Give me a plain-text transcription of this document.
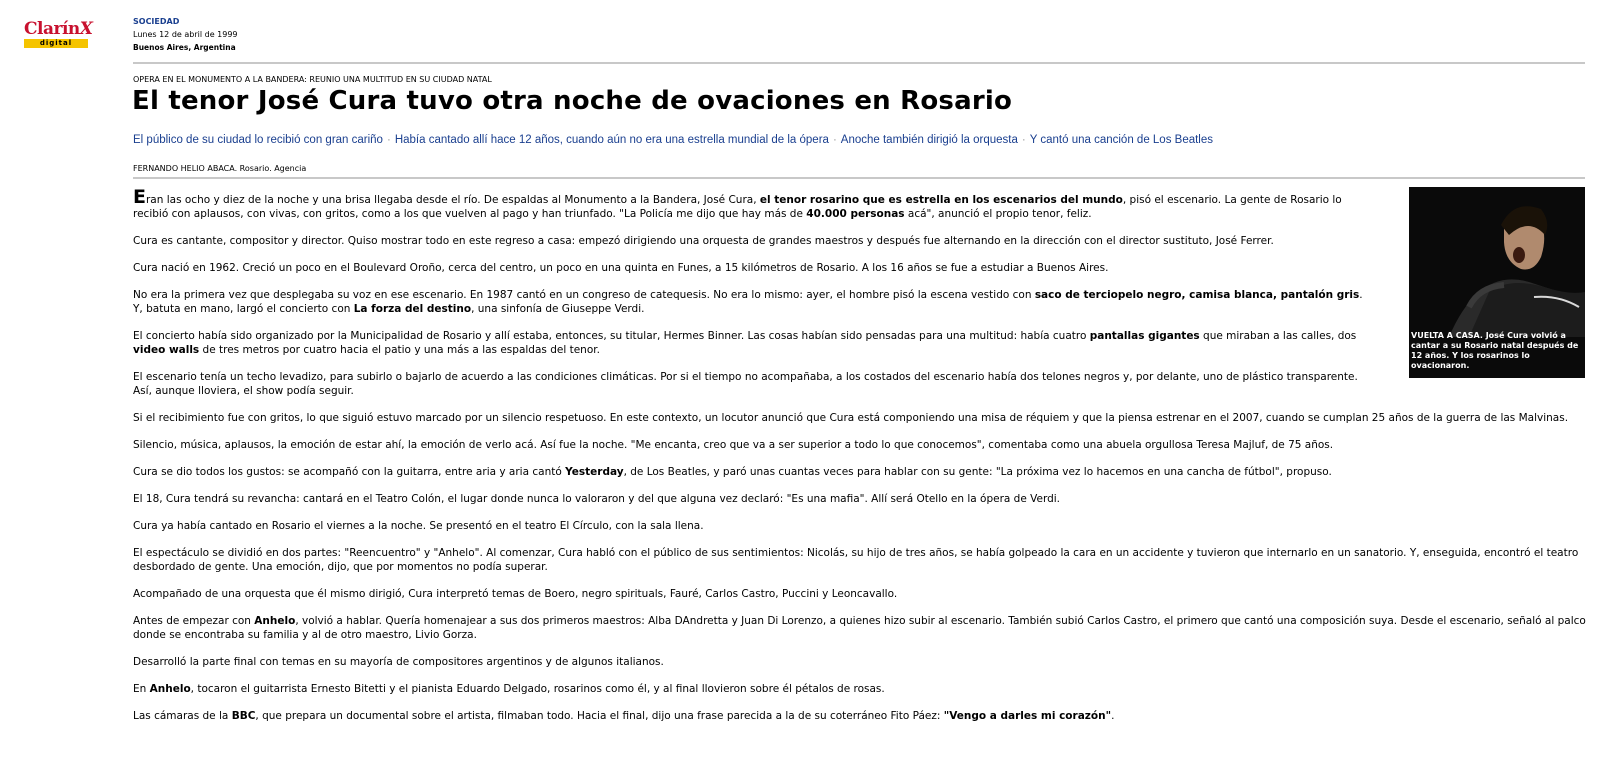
ClarínX
digital
SOCIEDAD
Lunes 12 de abril de 1999
Buenos Aires, Argentina
OPERA EN EL MONUMENTO A LA BANDERA: REUNIO UNA MULTITUD EN SU CIUDAD NATAL
El tenor José Cura tuvo otra noche de ovaciones en Rosario
El público de su ciudad lo recibió con gran cariño · Había cantado allí hace 12 años, cuando aún no era una estrella mundial de la ópera · Anoche también dirigió la orquesta · Y cantó una canción de Los Beatles
FERNANDO HELIO ABACA. Rosario. Agencia
VUELTA A CASA. José Cura volvió a cantar a su Rosario natal después de 12 años. Y los rosarinos lo ovacionaron.

Eran las ocho y diez de la noche y una brisa llegaba desde el río. De espaldas al Monumento a la Bandera, José Cura, el tenor rosarino que es estrella en los escenarios del mundo, pisó el escenario. La gente de Rosario lo recibió con aplausos, con vivas, con gritos, como a los que vuelven al pago y han triunfado. "La Policía me dijo que hay más de 40.000 personas acá", anunció el propio tenor, feliz.

Cura es cantante, compositor y director. Quiso mostrar todo en este regreso a casa: empezó dirigiendo una orquesta de grandes maestros y después fue alternando en la dirección con el director sustituto, José Ferrer.

Cura nació en 1962. Creció un poco en el Boulevard Oroño, cerca del centro, un poco en una quinta en Funes, a 15 kilómetros de Rosario. A los 16 años se fue a estudiar a Buenos Aires.

No era la primera vez que desplegaba su voz en ese escenario. En 1987 cantó en un congreso de catequesis. No era lo mismo: ayer, el hombre pisó la escena vestido con saco de terciopelo negro, camisa blanca, pantalón gris. Y, batuta en mano, largó el concierto con La forza del destino, una sinfonía de Giuseppe Verdi.

El concierto había sido organizado por la Municipalidad de Rosario y allí estaba, entonces, su titular, Hermes Binner. Las cosas habían sido pensadas para una multitud: había cuatro pantallas gigantes que miraban a las calles, dos video walls de tres metros por cuatro hacia el patio y una más a las espaldas del tenor.

El escenario tenía un techo levadizo, para subirlo o bajarlo de acuerdo a las condiciones climáticas. Por si el tiempo no acompañaba, a los costados del escenario había dos telones negros y, por delante, uno de plástico transparente. Así, aunque lloviera, el show podía seguir.

Si el recibimiento fue con gritos, lo que siguió estuvo marcado por un silencio respetuoso. En este contexto, un locutor anunció que Cura está componiendo una misa de réquiem y que la piensa estrenar en el 2007, cuando se cumplan 25 años de la guerra de las Malvinas.

Silencio, música, aplausos, la emoción de estar ahí, la emoción de verlo acá. Así fue la noche. "Me encanta, creo que va a ser superior a todo lo que conocemos", comentaba como una abuela orgullosa Teresa Majluf, de 75 años.

Cura se dio todos los gustos: se acompañó con la guitarra, entre aria y aria cantó Yesterday, de Los Beatles, y paró unas cuantas veces para hablar con su gente: "La próxima vez lo hacemos en una cancha de fútbol", propuso.

El 18, Cura tendrá su revancha: cantará en el Teatro Colón, el lugar donde nunca lo valoraron y del que alguna vez declaró: "Es una mafia". Allí será Otello en la ópera de Verdi.

Cura ya había cantado en Rosario el viernes a la noche. Se presentó en el teatro El Círculo, con la sala llena.

El espectáculo se dividió en dos partes: "Reencuentro" y "Anhelo". Al comenzar, Cura habló con el público de sus sentimientos: Nicolás, su hijo de tres años, se había golpeado la cara en un accidente y tuvieron que internarlo en un sanatorio. Y, enseguida, encontró el teatro desbordado de gente. Una emoción, dijo, que por momentos no podía superar.

Acompañado de una orquesta que él mismo dirigió, Cura interpretó temas de Boero, negro spirituals, Fauré, Carlos Castro, Puccini y Leoncavallo.

Antes de empezar con Anhelo, volvió a hablar. Quería homenajear a sus dos primeros maestros: Alba DAndretta y Juan Di Lorenzo, a quienes hizo subir al escenario. También subió Carlos Castro, el primero que cantó una composición suya. Desde el escenario, señaló al palco donde se encontraba su familia y al de otro maestro, Livio Gorza.

Desarrolló la parte final con temas en su mayoría de compositores argentinos y de algunos italianos.

En Anhelo, tocaron el guitarrista Ernesto Bitetti y el pianista Eduardo Delgado, rosarinos como él, y al final llovieron sobre él pétalos de rosas.

Las cámaras de la BBC, que prepara un documental sobre el artista, filmaban todo. Hacia el final, dijo una frase parecida a la de su coterráneo Fito Páez: "Vengo a darles mi corazón".
